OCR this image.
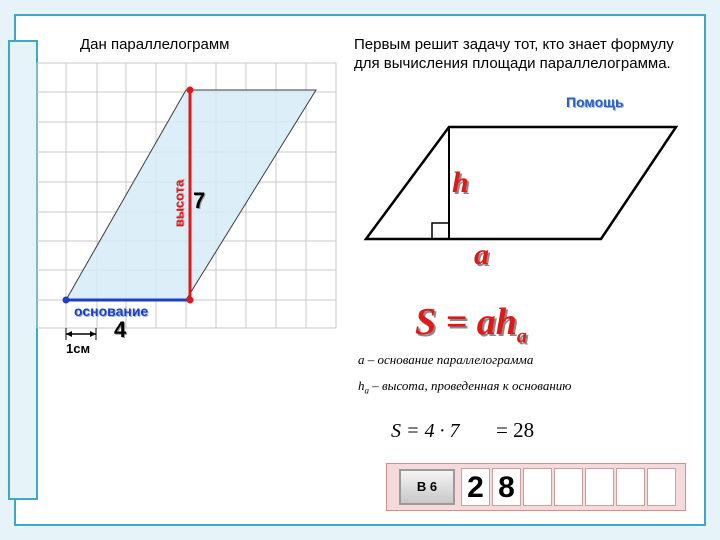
Дан параллелограмм
высота 7
основание
4
1см
Первым решит задачу тот, кто знает формулу для вычисления площади параллелограмма.
Помощь
h
a
$S = ah_a$
a – основание параллелограмма
$h_a$ – высота, проведенная к основанию
S = 4 · 7 = 28
В 6	2 8
